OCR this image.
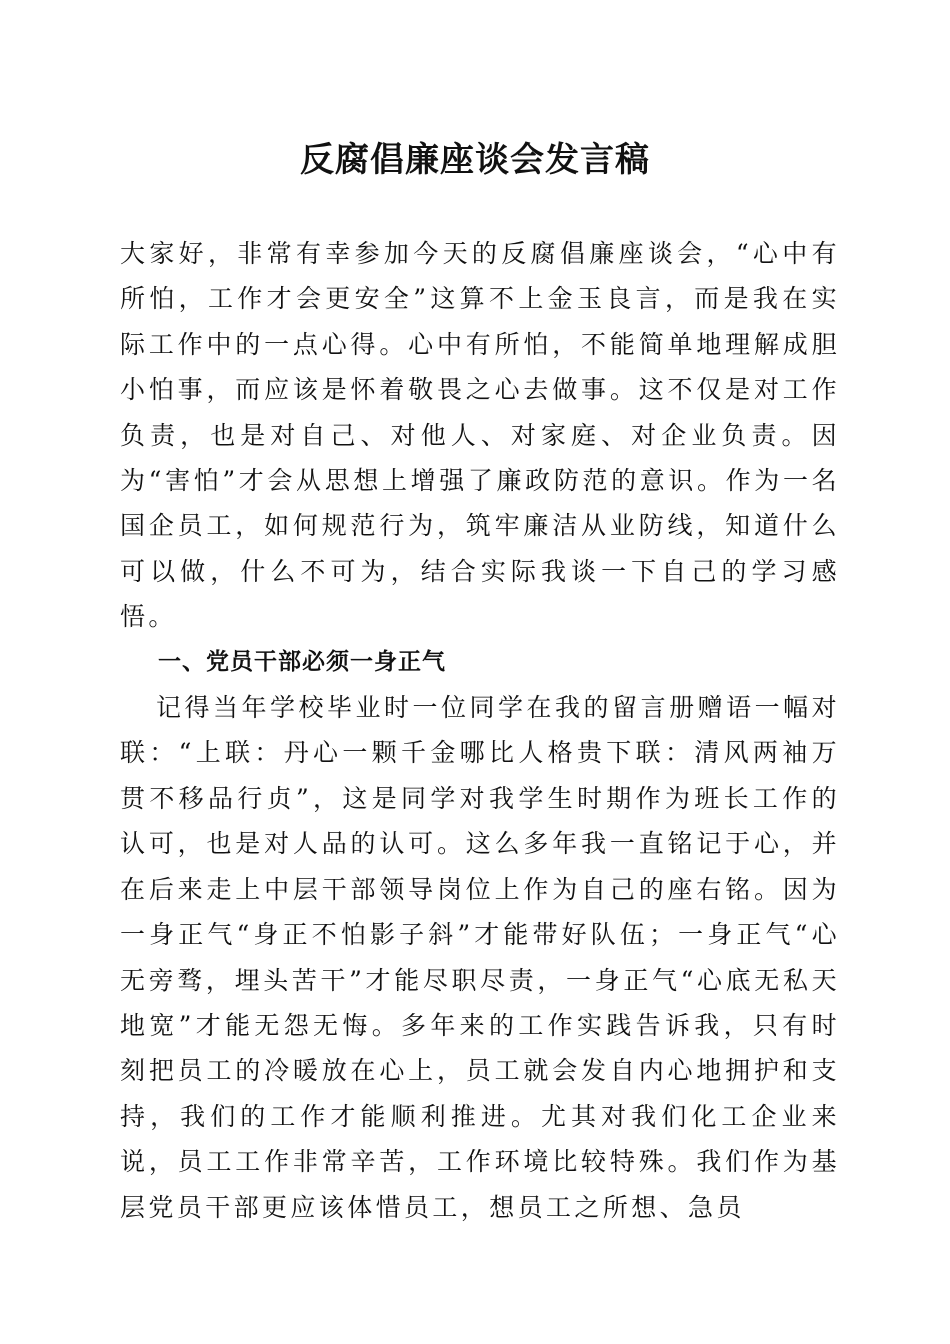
反腐倡廉座谈会发言稿

大家好，非常有幸参加今天的反腐倡廉座谈会，“心中有所怕，工作才会更安全”这算不上金玉良言，而是我在实际工作中的一点心得。心中有所怕，不能简单地理解成胆小怕事，而应该是怀着敬畏之心去做事。这不仅是对工作负责，也是对自己、对他人、对家庭、对企业负责。因为“害怕”才会从思想上增强了廉政防范的意识。作为一名国企员工，如何规范行为，筑牢廉洁从业防线，知道什么可以做，什么不可为，结合实际我谈一下自己的学习感悟。

一、党员干部必须一身正气

记得当年学校毕业时一位同学在我的留言册赠语一幅对联：“上联：丹心一颗千金哪比人格贵下联：清风两袖万贯不移品行贞”，这是同学对我学生时期作为班长工作的认可，也是对人品的认可。这么多年我一直铭记于心，并在后来走上中层干部领导岗位上作为自己的座右铭。因为一身正气“身正不怕影子斜”才能带好队伍；一身正气“心无旁骛，埋头苦干”才能尽职尽责，一身正气“心底无私天地宽”才能无怨无悔。多年来的工作实践告诉我，只有时刻把员工的冷暖放在心上，员工就会发自内心地拥护和支持，我们的工作才能顺利推进。尤其对我们化工企业来说，员工工作非常辛苦，工作环境比较特殊。我们作为基层党员干部更应该体惜员工，想员工之所想、急员
